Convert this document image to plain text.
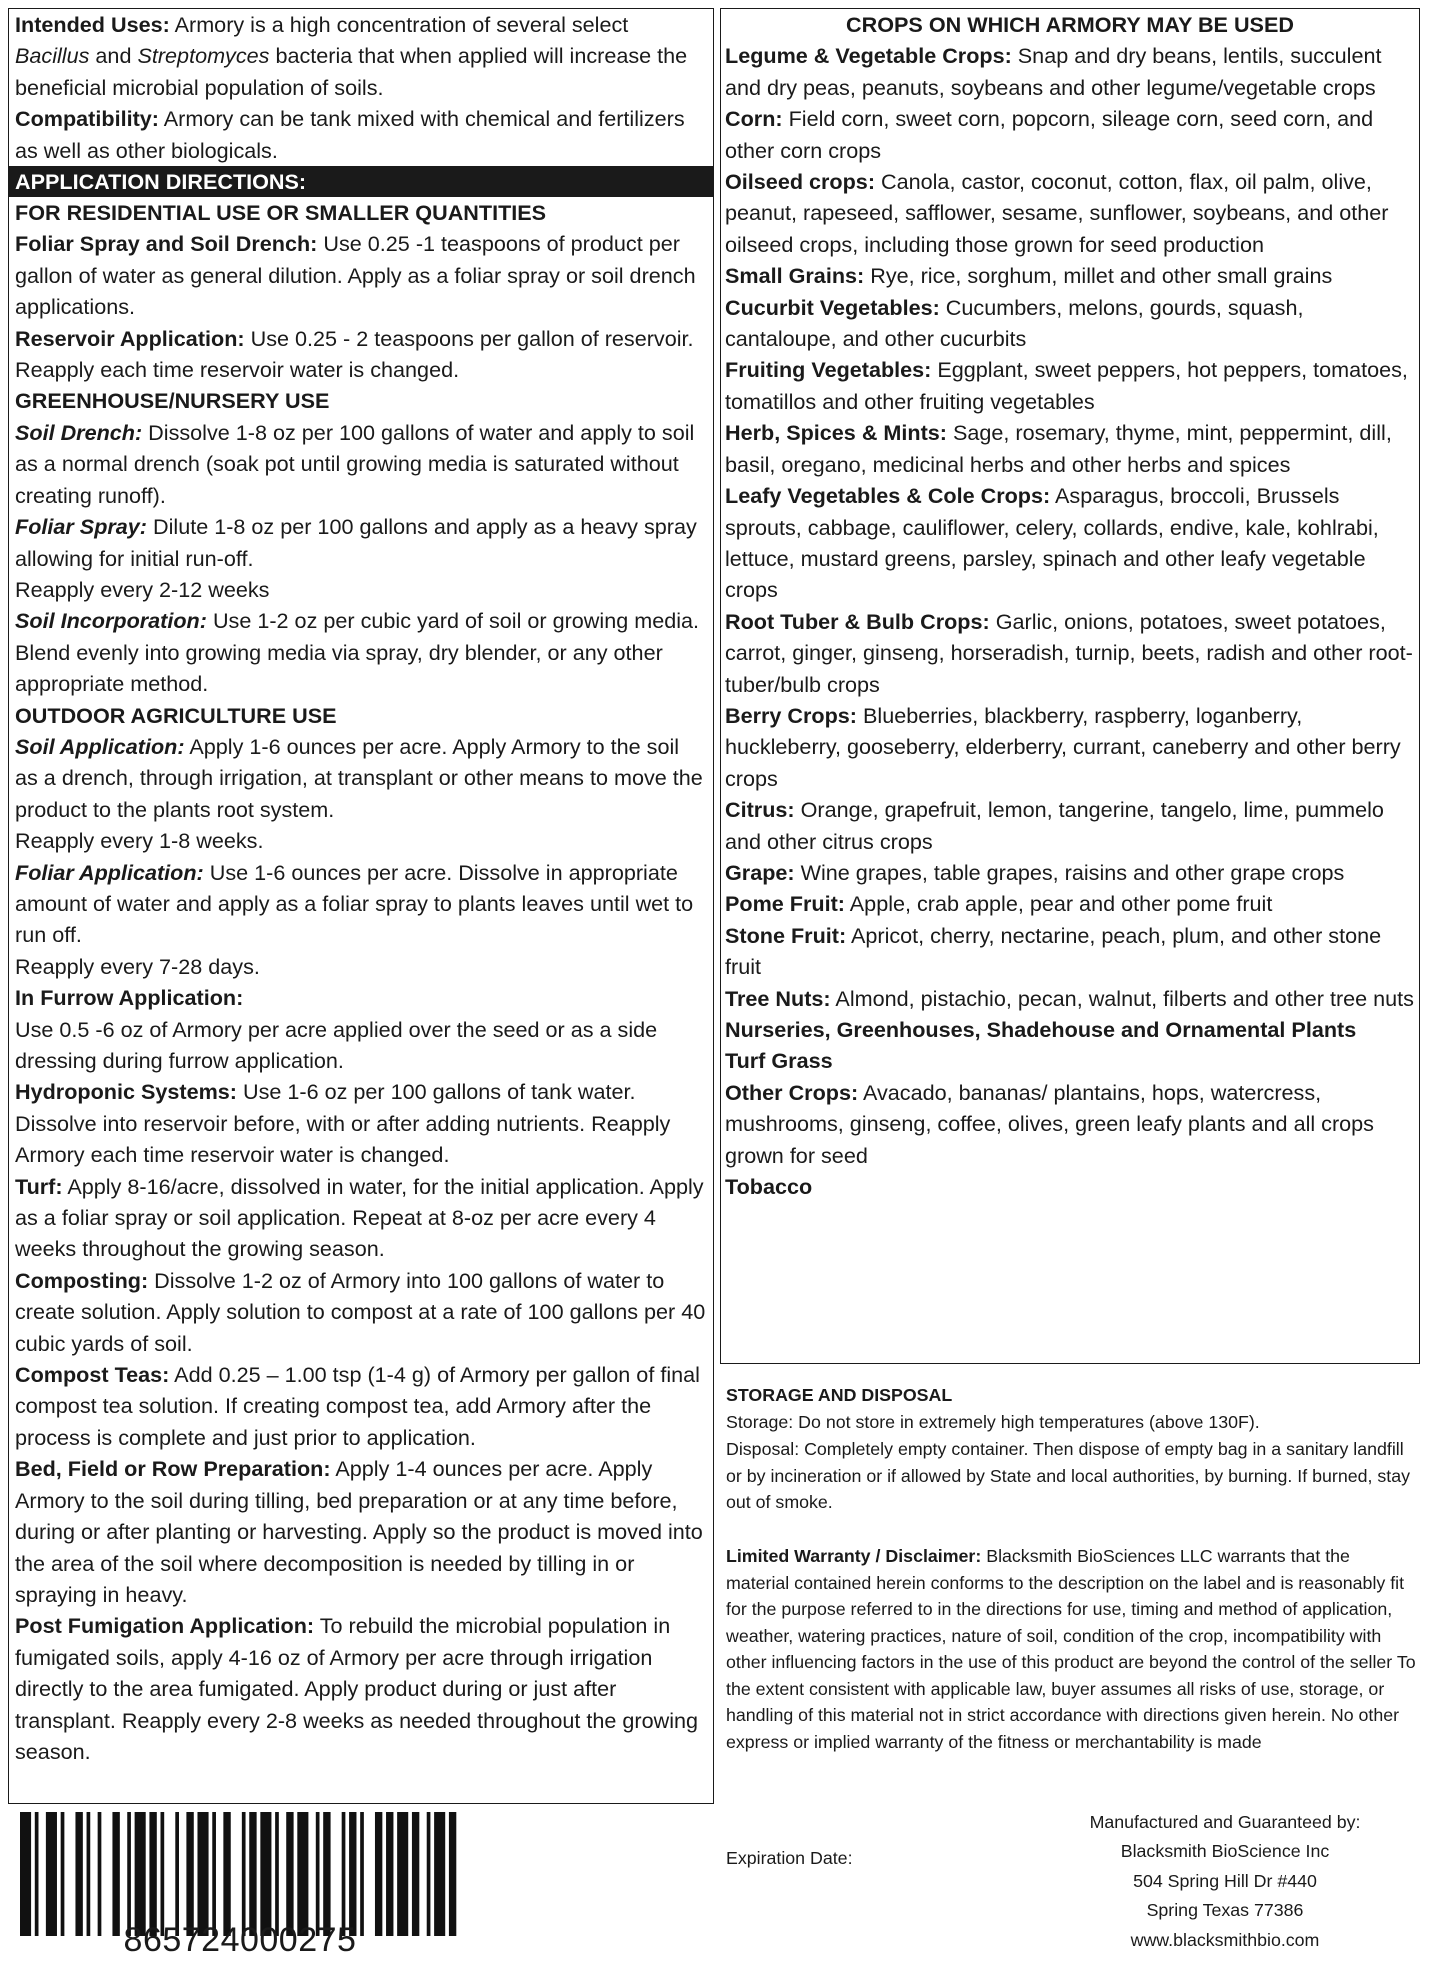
Intended Uses: Armory is a high concentration of several select Bacillus and Streptomyces bacteria that when applied will increase the beneficial microbial population of soils.

Compatibility: Armory can be tank mixed with chemical and fertilizers as well as other biologicals.

APPLICATION DIRECTIONS:

FOR RESIDENTIAL USE OR SMALLER QUANTITIES

Foliar Spray and Soil Drench: Use 0.25 -1 teaspoons of product per gallon of water as general dilution. Apply as a foliar spray or soil drench applications.

Reservoir Application: Use 0.25 - 2 teaspoons per gallon of reservoir. Reapply each time reservoir water is changed.

GREENHOUSE/NURSERY USE

Soil Drench: Dissolve 1-8 oz per 100 gallons of water and apply to soil as a normal drench (soak pot until growing media is saturated without creating runoff).

Foliar Spray: Dilute 1-8 oz per 100 gallons and apply as a heavy spray allowing for initial run-off.

Reapply every 2-12 weeks

Soil Incorporation: Use 1-2 oz per cubic yard of soil or growing media. Blend evenly into growing media via spray, dry blender, or any other appropriate method.

OUTDOOR AGRICULTURE USE

Soil Application: Apply 1-6 ounces per acre. Apply Armory to the soil as a drench, through irrigation, at transplant or other means to move the product to the plants root system.

Reapply every 1-8 weeks.

Foliar Application: Use 1-6 ounces per acre. Dissolve in appropriate amount of water and apply as a foliar spray to plants leaves until wet to run off.

Reapply every 7-28 days.

In Furrow Application:

Use 0.5 -6 oz of Armory per acre applied over the seed or as a side dressing during furrow application.

Hydroponic Systems: Use 1-6 oz per 100 gallons of tank water. Dissolve into reservoir before, with or after adding nutrients. Reapply Armory each time reservoir water is changed.

Turf: Apply 8-16/acre, dissolved in water, for the initial application. Apply as a foliar spray or soil application. Repeat at 8-oz per acre every 4 weeks throughout the growing season.

Composting: Dissolve 1-2 oz of Armory into 100 gallons of water to create solution. Apply solution to compost at a rate of 100 gallons per 40 cubic yards of soil.

Compost Teas: Add 0.25 – 1.00 tsp (1-4 g) of Armory per gallon of final compost tea solution. If creating compost tea, add Armory after the process is complete and just prior to application.

Bed, Field or Row Preparation: Apply 1-4 ounces per acre. Apply Armory to the soil during tilling, bed preparation or at any time before, during or after planting or harvesting. Apply so the product is moved into the area of the soil where decomposition is needed by tilling in or spraying in heavy.

Post Fumigation Application: To rebuild the microbial population in fumigated soils, apply 4-16 oz of Armory per acre through irrigation directly to the area fumigated. Apply product during or just after transplant. Reapply every 2-8 weeks as needed throughout the growing season.

CROPS ON WHICH ARMORY MAY BE USED

Legume & Vegetable Crops: Snap and dry beans, lentils, succulent and dry peas, peanuts, soybeans and other legume/vegetable crops

Corn: Field corn, sweet corn, popcorn, sileage corn, seed corn, and other corn crops

Oilseed crops: Canola, castor, coconut, cotton, flax, oil palm, olive, peanut, rapeseed, safflower, sesame, sunflower, soybeans, and other oilseed crops, including those grown for seed production

Small Grains: Rye, rice, sorghum, millet and other small grains

Cucurbit Vegetables: Cucumbers, melons, gourds, squash, cantaloupe, and other cucurbits

Fruiting Vegetables: Eggplant, sweet peppers, hot peppers, tomatoes, tomatillos and other fruiting vegetables

Herb, Spices & Mints: Sage, rosemary, thyme, mint, peppermint, dill, basil, oregano, medicinal herbs and other herbs and spices

Leafy Vegetables & Cole Crops: Asparagus, broccoli, Brussels sprouts, cabbage, cauliflower, celery, collards, endive, kale, kohlrabi, lettuce, mustard greens, parsley, spinach and other leafy vegetable crops

Root Tuber & Bulb Crops: Garlic, onions, potatoes, sweet potatoes, carrot, ginger, ginseng, horseradish, turnip, beets, radish and other root-tuber/bulb crops

Berry Crops: Blueberries, blackberry, raspberry, loganberry, huckleberry, gooseberry, elderberry, currant, caneberry and other berry crops

Citrus: Orange, grapefruit, lemon, tangerine, tangelo, lime, pummelo and other citrus crops

Grape: Wine grapes, table grapes, raisins and other grape crops

Pome Fruit: Apple, crab apple, pear and other pome fruit

Stone Fruit: Apricot, cherry, nectarine, peach, plum, and other stone fruit

Tree Nuts: Almond, pistachio, pecan, walnut, filberts and other tree nuts

Nurseries, Greenhouses, Shadehouse and Ornamental Plants

Turf Grass

Other Crops: Avacado, bananas/ plantains, hops, watercress, mushrooms, ginseng, coffee, olives, green leafy plants and all crops grown for seed

Tobacco

STORAGE AND DISPOSAL

Storage: Do not store in extremely high temperatures (above 130F).

Disposal: Completely empty container. Then dispose of empty bag in a sanitary landfill or by incineration or if allowed by State and local authorities, by burning. If burned, stay out of smoke.

Limited Warranty / Disclaimer: Blacksmith BioSciences LLC warrants that the material contained herein conforms to the description on the label and is reasonably fit for the purpose referred to in the directions for use, timing and method of application, weather, watering practices, nature of soil, condition of the crop, incompatibility with other influencing factors in the use of this product are beyond the control of the seller To the extent consistent with applicable law, buyer assumes all risks of use, storage, or handling of this material not in strict accordance with directions given herein. No other express or implied warranty of the fitness or merchantability is made

Expiration Date:
Manufactured and Guaranteed by:
Blacksmith BioScience Inc
504 Spring Hill Dr #440
Spring Texas 77386
www.blacksmithbio.com
865724000275
